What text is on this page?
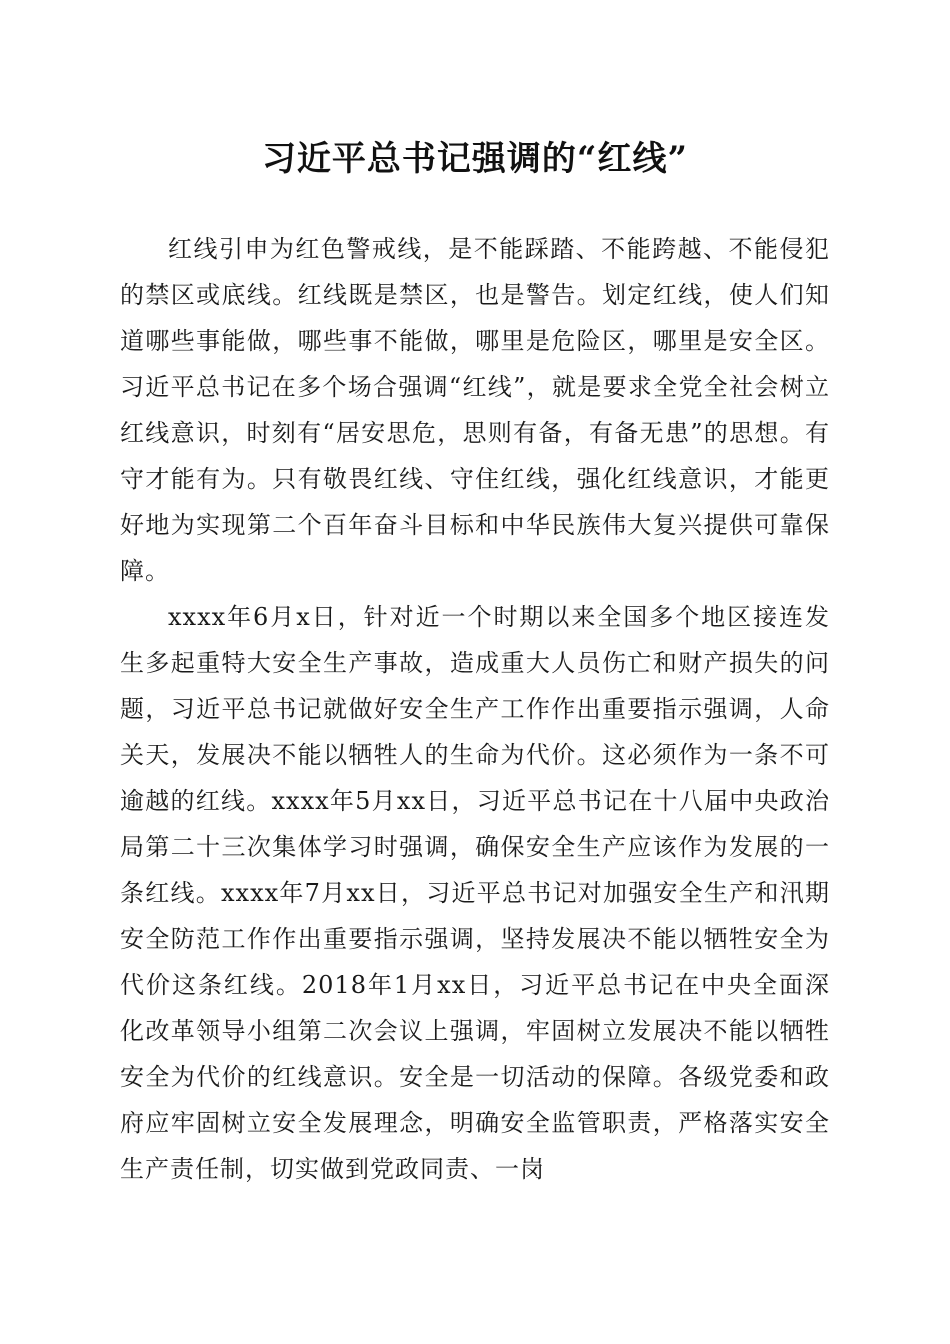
习近平总书记强调的“红线”

红线引申为红色警戒线，是不能踩踏、不能跨越、不能侵犯的禁区或底线。红线既是禁区，也是警告。划定红线，使人们知道哪些事能做，哪些事不能做，哪里是危险区，哪里是安全区。习近平总书记在多个场合强调“红线”，就是要求全党全社会树立红线意识，时刻有“居安思危，思则有备，有备无患”的思想。有守才能有为。只有敬畏红线、守住红线，强化红线意识，才能更好地为实现第二个百年奋斗目标和中华民族伟大复兴提供可靠保障。

xxxx年6月x日，针对近一个时期以来全国多个地区接连发生多起重特大安全生产事故，造成重大人员伤亡和财产损失的问题，习近平总书记就做好安全生产工作作出重要指示强调，人命关天，发展决不能以牺牲人的生命为代价。这必须作为一条不可逾越的红线。xxxx年5月xx日，习近平总书记在十八届中央政治局第二十三次集体学习时强调，确保安全生产应该作为发展的一条红线。xxxx年7月xx日，习近平总书记对加强安全生产和汛期安全防范工作作出重要指示强调，坚持发展决不能以牺牲安全为代价这条红线。2018年1月xx日，习近平总书记在中央全面深化改革领导小组第二次会议上强调，牢固树立发展决不能以牺牲安全为代价的红线意识。安全是一切活动的保障。各级党委和政府应牢固树立安全发展理念，明确安全监管职责，严格落实安全生产责任制，切实做到党政同责、一岗
